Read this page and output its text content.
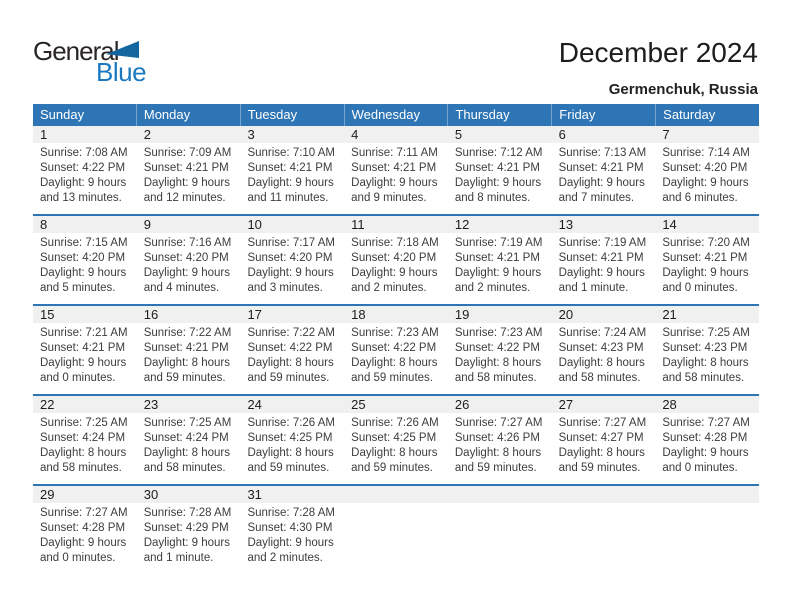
General
Blue
December 2024
Germenchuk, Russia
Sunday	Monday	Tuesday	Wednesday	Thursday	Friday	Saturday
1	2	3	4	5	6	7
Sunrise: 7:08 AM
Sunset: 4:22 PM
Daylight: 9 hours
and 13 minutes.
Sunrise: 7:09 AM
Sunset: 4:21 PM
Daylight: 9 hours
and 12 minutes.
Sunrise: 7:10 AM
Sunset: 4:21 PM
Daylight: 9 hours
and 11 minutes.
Sunrise: 7:11 AM
Sunset: 4:21 PM
Daylight: 9 hours
and 9 minutes.
Sunrise: 7:12 AM
Sunset: 4:21 PM
Daylight: 9 hours
and 8 minutes.
Sunrise: 7:13 AM
Sunset: 4:21 PM
Daylight: 9 hours
and 7 minutes.
Sunrise: 7:14 AM
Sunset: 4:20 PM
Daylight: 9 hours
and 6 minutes.
8	9	10	11	12	13	14
Sunrise: 7:15 AM
Sunset: 4:20 PM
Daylight: 9 hours
and 5 minutes.
Sunrise: 7:16 AM
Sunset: 4:20 PM
Daylight: 9 hours
and 4 minutes.
Sunrise: 7:17 AM
Sunset: 4:20 PM
Daylight: 9 hours
and 3 minutes.
Sunrise: 7:18 AM
Sunset: 4:20 PM
Daylight: 9 hours
and 2 minutes.
Sunrise: 7:19 AM
Sunset: 4:21 PM
Daylight: 9 hours
and 2 minutes.
Sunrise: 7:19 AM
Sunset: 4:21 PM
Daylight: 9 hours
and 1 minute.
Sunrise: 7:20 AM
Sunset: 4:21 PM
Daylight: 9 hours
and 0 minutes.
15	16	17	18	19	20	21
Sunrise: 7:21 AM
Sunset: 4:21 PM
Daylight: 9 hours
and 0 minutes.
Sunrise: 7:22 AM
Sunset: 4:21 PM
Daylight: 8 hours
and 59 minutes.
Sunrise: 7:22 AM
Sunset: 4:22 PM
Daylight: 8 hours
and 59 minutes.
Sunrise: 7:23 AM
Sunset: 4:22 PM
Daylight: 8 hours
and 59 minutes.
Sunrise: 7:23 AM
Sunset: 4:22 PM
Daylight: 8 hours
and 58 minutes.
Sunrise: 7:24 AM
Sunset: 4:23 PM
Daylight: 8 hours
and 58 minutes.
Sunrise: 7:25 AM
Sunset: 4:23 PM
Daylight: 8 hours
and 58 minutes.
22	23	24	25	26	27	28
Sunrise: 7:25 AM
Sunset: 4:24 PM
Daylight: 8 hours
and 58 minutes.
Sunrise: 7:25 AM
Sunset: 4:24 PM
Daylight: 8 hours
and 58 minutes.
Sunrise: 7:26 AM
Sunset: 4:25 PM
Daylight: 8 hours
and 59 minutes.
Sunrise: 7:26 AM
Sunset: 4:25 PM
Daylight: 8 hours
and 59 minutes.
Sunrise: 7:27 AM
Sunset: 4:26 PM
Daylight: 8 hours
and 59 minutes.
Sunrise: 7:27 AM
Sunset: 4:27 PM
Daylight: 8 hours
and 59 minutes.
Sunrise: 7:27 AM
Sunset: 4:28 PM
Daylight: 9 hours
and 0 minutes.
29	30	31
Sunrise: 7:27 AM
Sunset: 4:28 PM
Daylight: 9 hours
and 0 minutes.
Sunrise: 7:28 AM
Sunset: 4:29 PM
Daylight: 9 hours
and 1 minute.
Sunrise: 7:28 AM
Sunset: 4:30 PM
Daylight: 9 hours
and 2 minutes.
